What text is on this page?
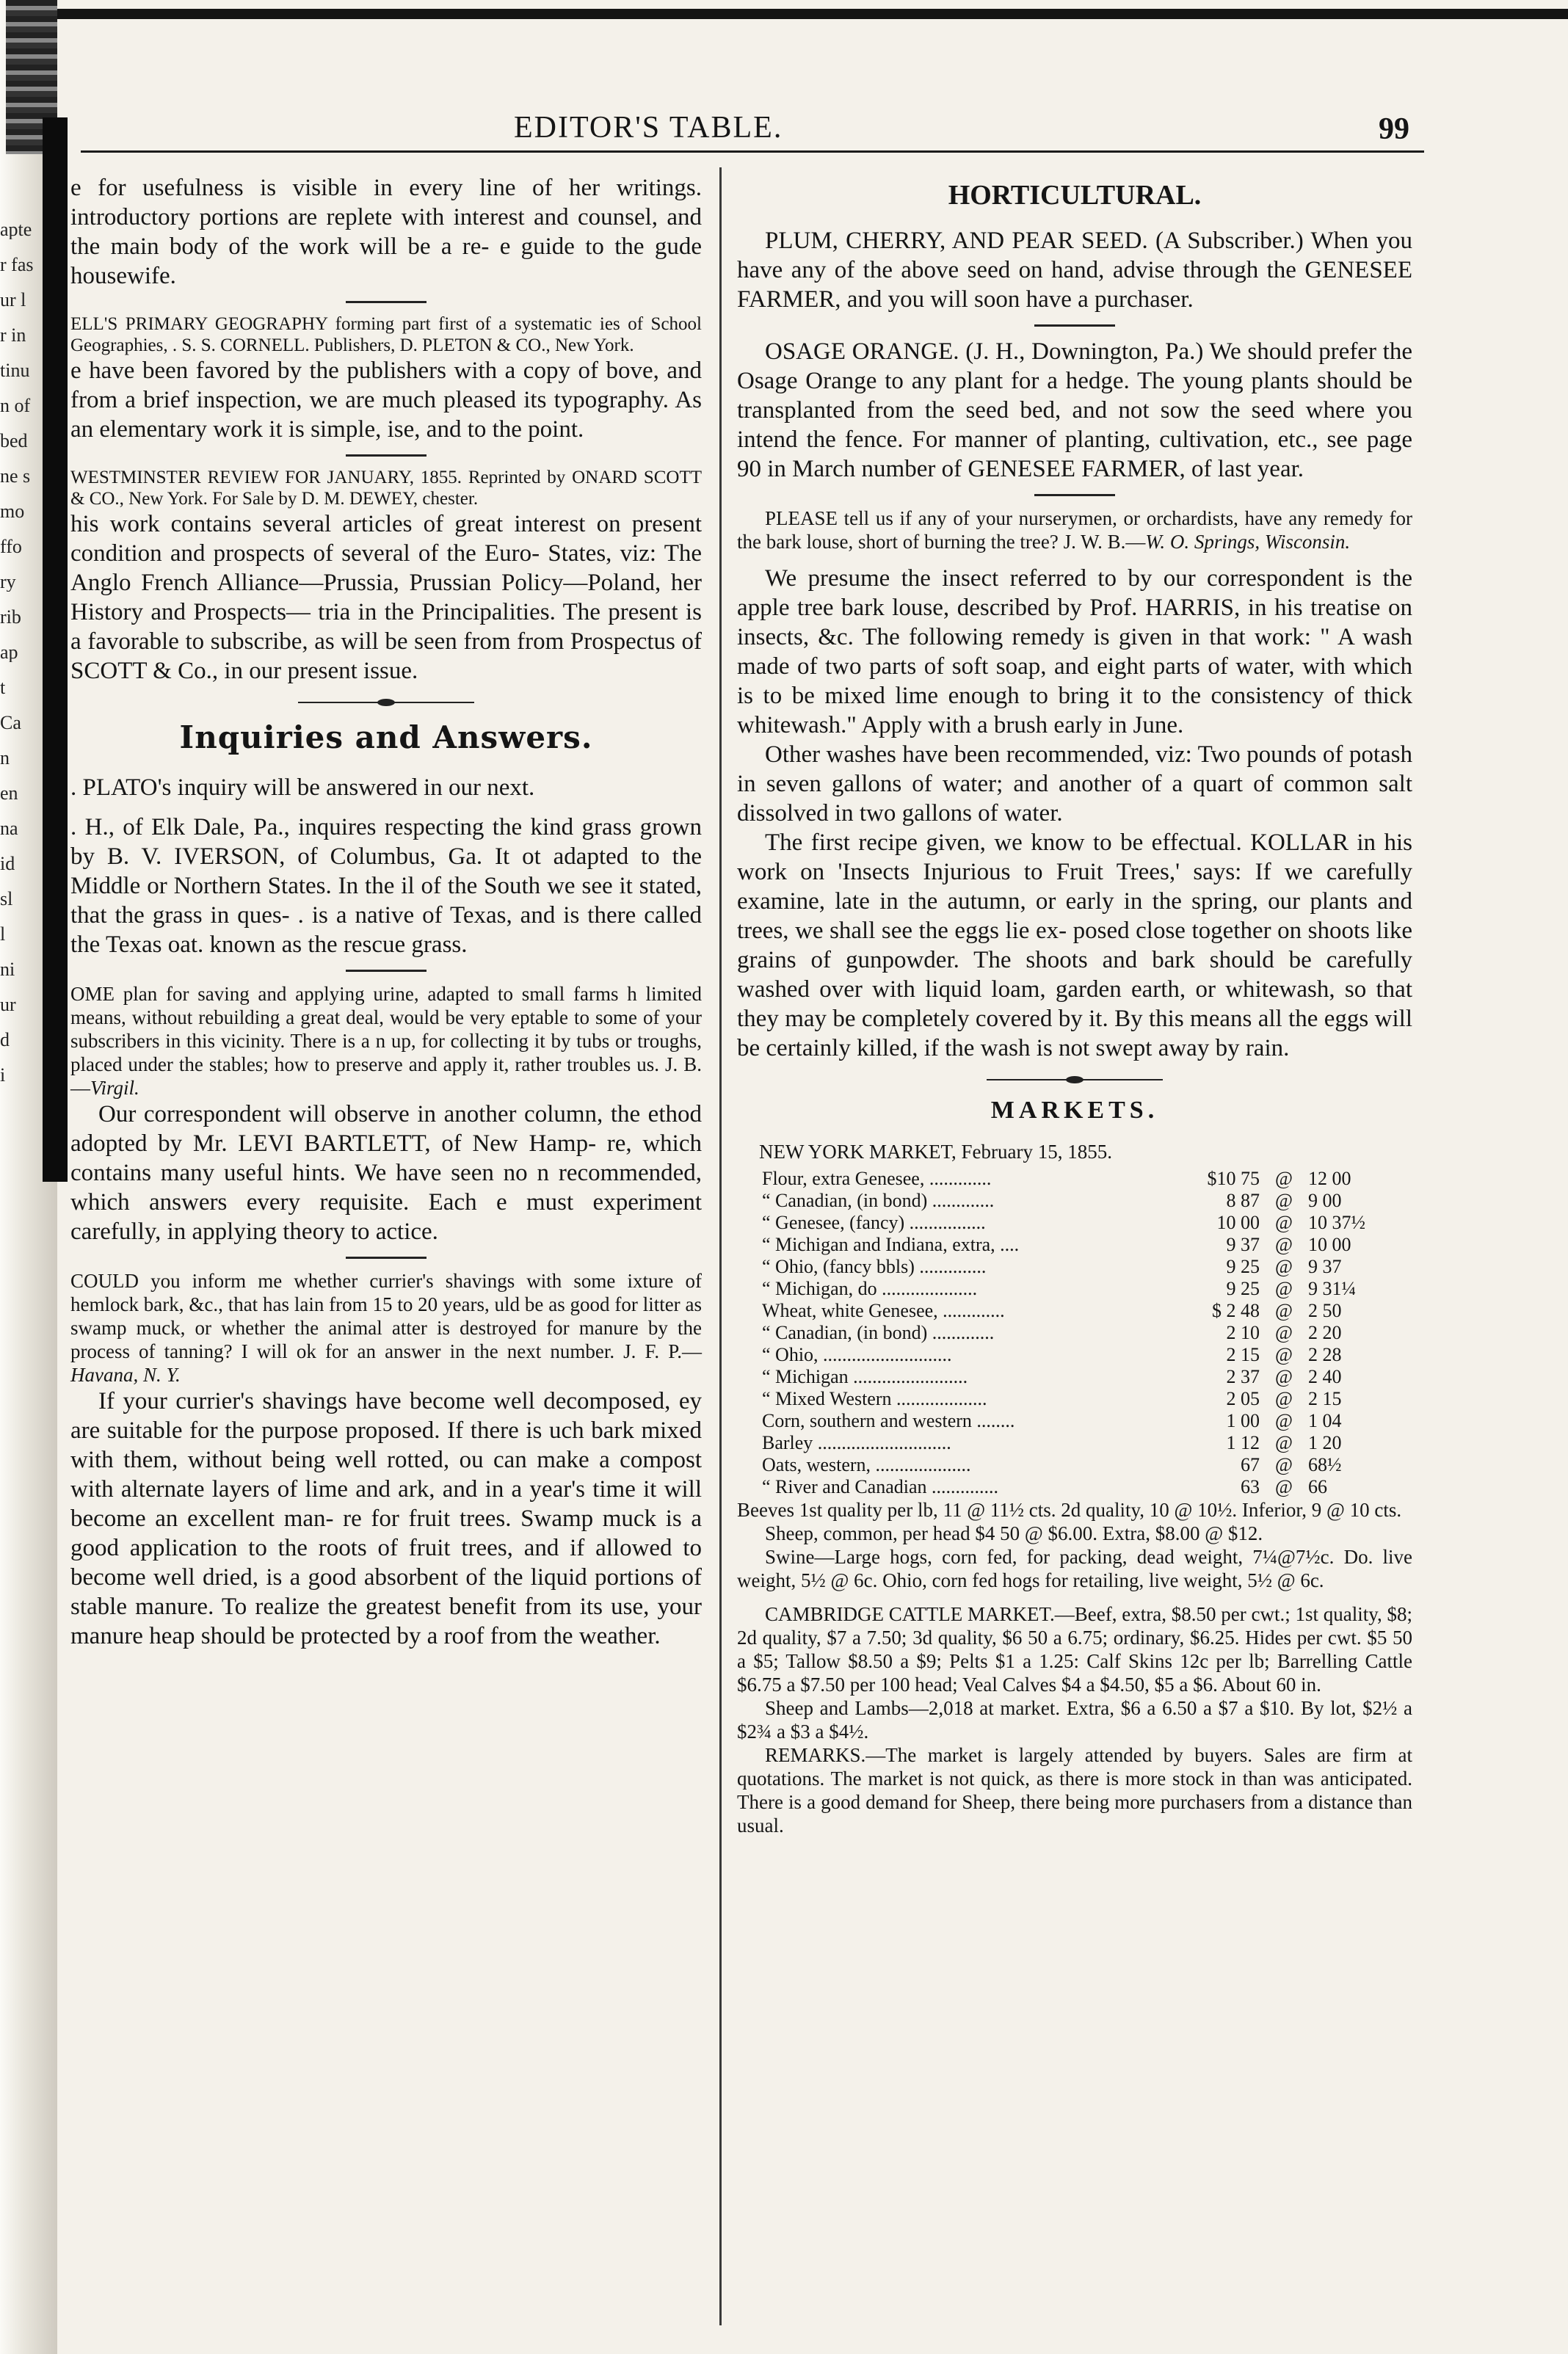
apte
r fas
ur l
r in
tinu
n of
bed
ne s
mo
ffo
ry
rib
ap
t
Ca
n
en
na
id
sl
l
ni
ur
d
i
EDITOR'S TABLE.	99

e for usefulness is visible in every line of her writings. introductory portions are replete with interest and counsel, and the main body of the work will be a re- e guide to the gude housewife.

ELL'S PRIMARY GEOGRAPHY forming part first of a systematic ies of School Geographies, . S. S. CORNELL. Publishers, D. PLETON & CO., New York.

e have been favored by the publishers with a copy of bove, and from a brief inspection, we are much pleased its typography. As an elementary work it is simple, ise, and to the point.

WESTMINSTER REVIEW FOR JANUARY, 1855. Reprinted by ONARD SCOTT & CO., New York. For Sale by D. M. DEWEY, chester.

his work contains several articles of great interest on present condition and prospects of several of the Euro- States, viz: The Anglo French Alliance—Prussia, Prussian Policy—Poland, her History and Prospects— tria in the Principalities. The present is a favorable to subscribe, as will be seen from from Prospectus of SCOTT & Co., in our present issue.

Inquiries and Answers.

. PLATO's inquiry will be answered in our next.

. H., of Elk Dale, Pa., inquires respecting the kind grass grown by B. V. IVERSON, of Columbus, Ga. It ot adapted to the Middle or Northern States. In the il of the South we see it stated, that the grass in ques- . is a native of Texas, and is there called the Texas oat. known as the rescue grass.

OME plan for saving and applying urine, adapted to small farms h limited means, without rebuilding a great deal, would be very eptable to some of your subscribers in this vicinity. There is a n up, for collecting it by tubs or troughs, placed under the stables; how to preserve and apply it, rather troubles us. J. B.—Virgil.

Our correspondent will observe in another column, the ethod adopted by Mr. LEVI BARTLETT, of New Hamp- re, which contains many useful hints. We have seen no n recommended, which answers every requisite. Each e must experiment carefully, in applying theory to actice.

COULD you inform me whether currier's shavings with some ixture of hemlock bark, &c., that has lain from 15 to 20 years, uld be as good for litter as swamp muck, or whether the animal atter is destroyed for manure by the process of tanning? I will ok for an answer in the next number. J. F. P.—Havana, N. Y.

If your currier's shavings have become well decomposed, ey are suitable for the purpose proposed. If there is uch bark mixed with them, without being well rotted, ou can make a compost with alternate layers of lime and ark, and in a year's time it will become an excellent man- re for fruit trees. Swamp muck is a good application to the roots of fruit trees, and if allowed to become well dried, is a good absorbent of the liquid portions of stable manure. To realize the greatest benefit from its use, your manure heap should be protected by a roof from the weather.

HORTICULTURAL.

PLUM, CHERRY, AND PEAR SEED. (A Subscriber.) When you have any of the above seed on hand, advise through the GENESEE FARMER, and you will soon have a purchaser.

OSAGE ORANGE. (J. H., Downington, Pa.) We should prefer the Osage Orange to any plant for a hedge. The young plants should be transplanted from the seed bed, and not sow the seed where you intend the fence. For manner of planting, cultivation, etc., see page 90 in March number of GENESEE FARMER, of last year.

PLEASE tell us if any of your nurserymen, or orchardists, have any remedy for the bark louse, short of burning the tree? J. W. B.—W. O. Springs, Wisconsin.

We presume the insect referred to by our correspondent is the apple tree bark louse, described by Prof. HARRIS, in his treatise on insects, &c. The following remedy is given in that work: " A wash made of two parts of soft soap, and eight parts of water, with which is to be mixed lime enough to bring it to the consistency of thick whitewash." Apply with a brush early in June.

Other washes have been recommended, viz: Two pounds of potash in seven gallons of water; and another of a quart of common salt dissolved in two gallons of water.

The first recipe given, we know to be effectual. KOLLAR in his work on 'Insects Injurious to Fruit Trees,' says: If we carefully examine, late in the autumn, or early in the spring, our plants and trees, we shall see the eggs lie ex- posed close together on shoots like grains of gunpowder. The shoots and bark should be carefully washed over with liquid loam, garden earth, or whitewash, so that they may be completely covered by it. By this means all the eggs will be certainly killed, if the wash is not swept away by rain.

MARKETS.
NEW YORK MARKET, February 15, 1855.
Flour, extra Genesee, .............	$10 75	@	12 00
“ Canadian, (in bond) .............	8 87	@	9 00
“ Genesee, (fancy) ................	10 00	@	10 37½
“ Michigan and Indiana, extra, ....	9 37	@	10 00
“ Ohio, (fancy bbls) ..............	9 25	@	9 37
“ Michigan, do ....................	9 25	@	9 31¼
Wheat, white Genesee, .............	$ 2 48	@	2 50
“ Canadian, (in bond) .............	2 10	@	2 20
“ Ohio, ...........................	2 15	@	2 28
“ Michigan ........................	2 37	@	2 40
“ Mixed Western ...................	2 05	@	2 15
Corn, southern and western ........	1 00	@	1 04
Barley ............................	1 12	@	1 20
Oats, western, ....................	67	@	68½
“ River and Canadian ..............	63	@	66

Beeves 1st quality per lb, 11 @ 11½ cts. 2d quality, 10 @ 10½. Inferior, 9 @ 10 cts.

Sheep, common, per head $4 50 @ $6.00. Extra, $8.00 @ $12.

Swine—Large hogs, corn fed, for packing, dead weight, 7¼@7½c. Do. live weight, 5½ @ 6c. Ohio, corn fed hogs for retailing, live weight, 5½ @ 6c.

CAMBRIDGE CATTLE MARKET.—Beef, extra, $8.50 per cwt.; 1st quality, $8; 2d quality, $7 a 7.50; 3d quality, $6 50 a 6.75; ordinary, $6.25. Hides per cwt. $5 50 a $5; Tallow $8.50 a $9; Pelts $1 a 1.25: Calf Skins 12c per lb; Barrelling Cattle $6.75 a $7.50 per 100 head; Veal Calves $4 a $4.50, $5 a $6. About 60 in.

Sheep and Lambs—2,018 at market. Extra, $6 a 6.50 a $7 a $10. By lot, $2½ a $2¾ a $3 a $4½.

REMARKS.—The market is largely attended by buyers. Sales are firm at quotations. The market is not quick, as there is more stock in than was anticipated. There is a good demand for Sheep, there being more purchasers from a distance than usual.
